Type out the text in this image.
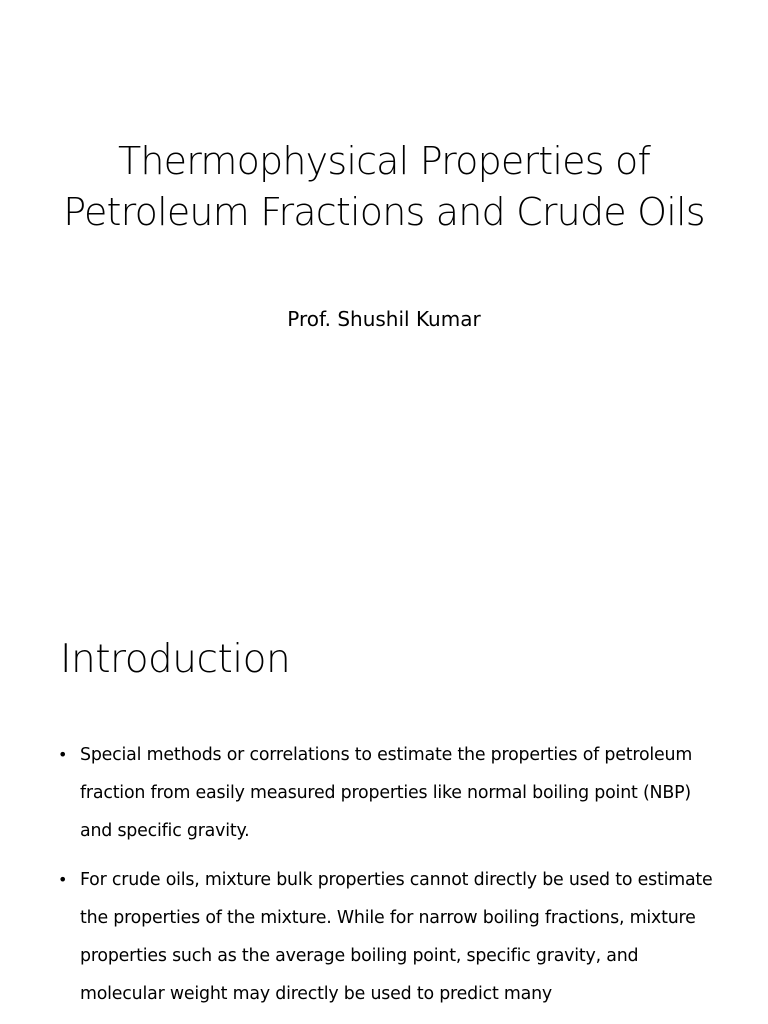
Thermophysical Properties of Petroleum Fractions and Crude Oils

Prof. Shushil Kumar

Introduction
• Special methods or correlations to estimate the properties of petroleum fraction from easily measured properties like normal boiling point (NBP) and specific gravity.
• For crude oils, mixture bulk properties cannot directly be used to estimate the properties of the mixture. While for narrow boiling fractions, mixture properties such as the average boiling point, specific gravity, and molecular weight may directly be used to predict many
